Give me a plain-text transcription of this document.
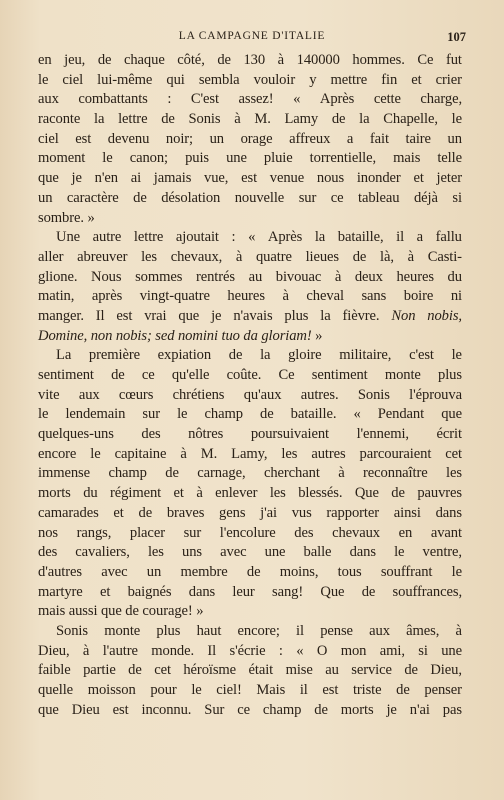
LA CAMPAGNE D'ITALIE	107
en jeu, de chaque côté, de 130 à 140000 hommes. Ce fut
le ciel lui-même qui sembla vouloir y mettre fin et crier
aux combattants : C'est assez! « Après cette charge,
raconte la lettre de Sonis à M. Lamy de la Chapelle, le
ciel est devenu noir; un orage affreux a fait taire un
moment le canon; puis une pluie torrentielle, mais telle
que je n'en ai jamais vue, est venue nous inonder et jeter
un caractère de désolation nouvelle sur ce tableau déjà si
sombre. »
Une autre lettre ajoutait : « Après la bataille, il a fallu
aller abreuver les chevaux, à quatre lieues de là, à Casti-
glione. Nous sommes rentrés au bivouac à deux heures du
matin, après vingt-quatre heures à cheval sans boire ni
manger. Il est vrai que je n'avais plus la fièvre. Non nobis,
Domine, non nobis; sed nomini tuo da gloriam! »
La première expiation de la gloire militaire, c'est le
sentiment de ce qu'elle coûte. Ce sentiment monte plus
vite aux cœurs chrétiens qu'aux autres. Sonis l'éprouva
le lendemain sur le champ de bataille. « Pendant que
quelques-uns des nôtres poursuivaient l'ennemi, écrit
encore le capitaine à M. Lamy, les autres parcouraient cet
immense champ de carnage, cherchant à reconnaître les
morts du régiment et à enlever les blessés. Que de pauvres
camarades et de braves gens j'ai vus rapporter ainsi dans
nos rangs, placer sur l'encolure des chevaux en avant
des cavaliers, les uns avec une balle dans le ventre,
d'autres avec un membre de moins, tous souffrant le
martyre et baignés dans leur sang! Que de souffrances,
mais aussi que de courage! »
Sonis monte plus haut encore; il pense aux âmes, à
Dieu, à l'autre monde. Il s'écrie : « O mon ami, si une
faible partie de cet héroïsme était mise au service de Dieu,
quelle moisson pour le ciel! Mais il est triste de penser
que Dieu est inconnu. Sur ce champ de morts je n'ai pas
